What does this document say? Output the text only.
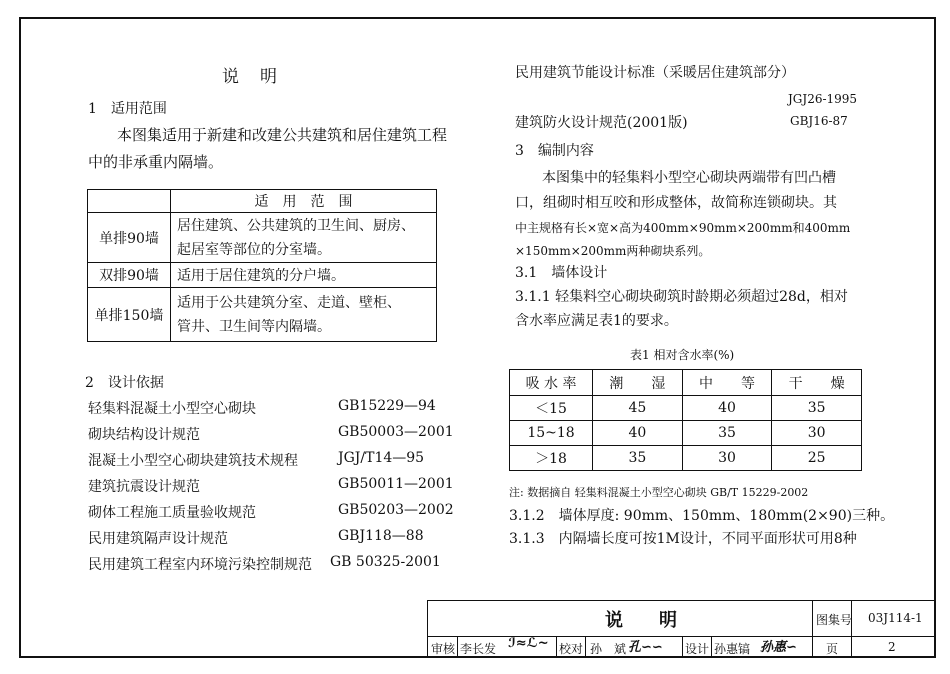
说　明
1　适用范围
本图集适用于新建和改建公共建筑和居住建筑工程
中的非承重内隔墙。
	适　用　范　围
单排90墙	居住建筑、公共建筑的卫生间、厨房、
起居室等部位的分室墙。

双排90墙	适用于居住建筑的分户墙。

单排150墙	适用于公共建筑分室、走道、壁柜、
管井、卫生间等内隔墙。
2　设计依据
轻集料混凝土小型空心砌块	GB15229—94
砌块结构设计规范	GB50003—2001
混凝土小型空心砌块建筑技术规程	JGJ/T14—95
建筑抗震设计规范	GB50011—2001
砌体工程施工质量验收规范	GB50203—2002
民用建筑隔声设计规范	GBJ118—88
民用建筑工程室内环境污染控制规范 GB 50325-2001
民用建筑节能设计标准（采暖居住建筑部分）
JGJ26-1995
建筑防火设计规范(2001版)	GBJ16-87
3　编制内容
本图集中的轻集料小型空心砌块两端带有凹凸槽
口，组砌时相互咬和形成整体，故简称连锁砌块。其
中主规格有长×宽×高为400mm×90mm×200mm和400mm
×150mm×200mm两种砌块系列。
3.1　墙体设计
3.1.1 轻集料空心砌块砌筑时龄期必须超过28d，相对
含水率应满足表1的要求。
表1 相对含水率(%)
吸 水 率	潮　　湿	中　　等	干　　燥
＜15	45	40	35
15~18	40	35	30
＞18	35	30	25
注: 数据摘自 轻集料混凝土小型空心砌块 GB/T 15229-2002
3.1.2　墙体厚度: 90mm、150mm、180mm(2×90)三种。
3.1.3　内隔墙长度可按1M设计，不同平面形状可用8种
说　　明	图集号 03J114-1
审核 李长发 ℐ≈ℒ~ 校对 孙　斌 孔∽∽ 设计 孙惠镐 孙惠∽ 页	2
